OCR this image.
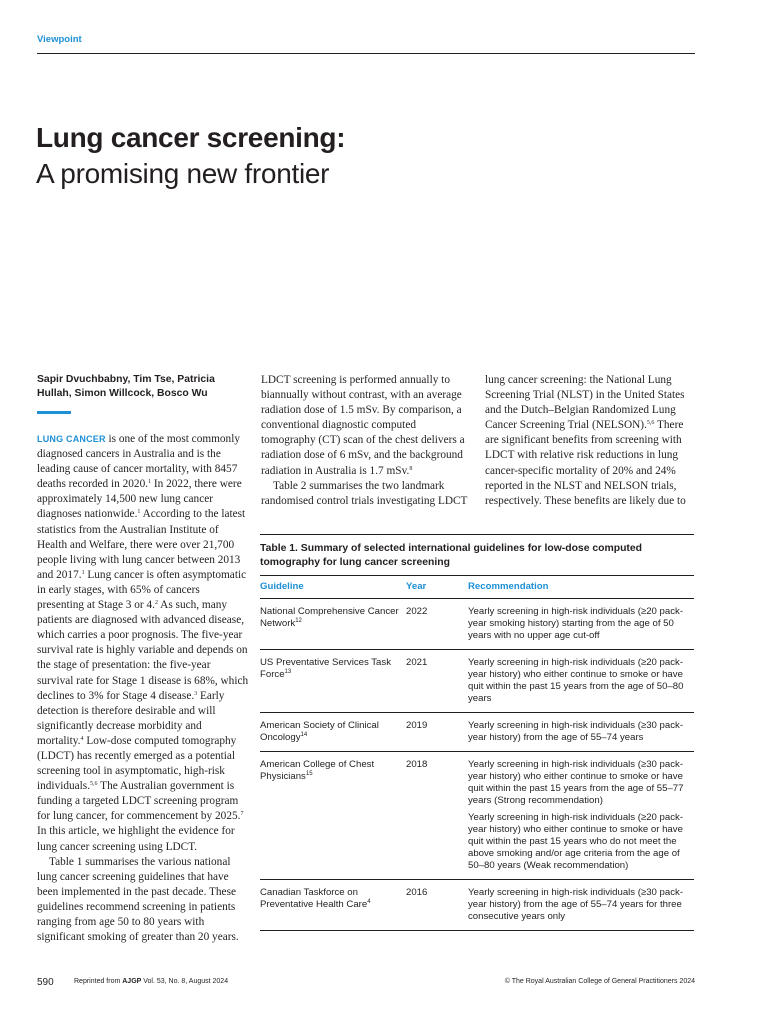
Viewpoint
Lung cancer screening:
A promising new frontier
Sapir Dvuchbabny, Tim Tse, Patricia Hullah, Simon Willcock, Bosco Wu

LUNG CANCER is one of the most commonly diagnosed cancers in Australia and is the leading cause of cancer mortality, with 8457 deaths recorded in 2020.$^1$ In 2022, there were approximately 14,500 new lung cancer diagnoses nationwide.$^1$ According to the latest statistics from the Australian Institute of Health and Welfare, there were over 21,700 people living with lung cancer between 2013 and 2017.$^1$ Lung cancer is often asymptomatic in early stages, with 65% of cancers presenting at Stage 3 or 4.$^2$ As such, many patients are diagnosed with advanced disease, which carries a poor prognosis. The five-year survival rate is highly variable and depends on the stage of presentation: the five-year survival rate for Stage 1 disease is 68%, which declines to 3% for Stage 4 disease.$^3$ Early detection is therefore desirable and will significantly decrease morbidity and mortality.$^4$ Low-dose computed tomography (LDCT) has recently emerged as a potential screening tool in asymptomatic, high-risk individuals.$^{5,6}$ The Australian government is funding a targeted LDCT screening program for lung cancer, for commencement by 2025.$^7$ In this article, we highlight the evidence for lung cancer screening using LDCT.

Table 1 summarises the various national lung cancer screening guidelines that have been implemented in the past decade. These guidelines recommend screening in patients ranging from age 50 to 80 years with significant smoking of greater than 20 years.

LDCT screening is performed annually to biannually without contrast, with an average radiation dose of 1.5 mSv. By comparison, a conventional diagnostic computed tomography (CT) scan of the chest delivers a radiation dose of 6 mSv, and the background radiation in Australia is 1.7 mSv.$^8$

Table 2 summarises the two landmark randomised control trials investigating LDCT

lung cancer screening: the National Lung Screening Trial (NLST) in the United States and the Dutch–Belgian Randomized Lung Cancer Screening Trial (NELSON).$^{5,6}$ There are significant benefits from screening with LDCT with relative risk reductions in lung cancer-specific mortality of 20% and 24% reported in the NLST and NELSON trials, respectively. These benefits are likely due to

Table 1. Summary of selected international guidelines for low-dose computed tomography for lung cancer screening
Guideline	Year	Recommendation
National Comprehensive Cancer Network$^{12}$	2022	Yearly screening in high-risk individuals (≥20 pack-year smoking history) starting from the age of 50 years with no upper age cut-off

US Preventative Services Task Force$^{13}$	2021	Yearly screening in high-risk individuals (≥20 pack-year history) who either continue to smoke or have quit within the past 15 years from the age of 50–80 years

American Society of Clinical Oncology$^{14}$	2019	Yearly screening in high-risk individuals (≥30 pack-year history) from the age of 55–74 years

American College of Chest Physicians$^{15}$	2018	Yearly screening in high-risk individuals (≥30 pack-year history) who either continue to smoke or have quit within the past 15 years from the age of 55–77 years (Strong recommendation)
Yearly screening in high-risk individuals (≥20 pack-year history) who either continue to smoke or have quit within the past 15 years who do not meet the above smoking and/or age criteria from the age of 50–80 years (Weak recommendation)

Canadian Taskforce on Preventative Health Care$^4$	2016	Yearly screening in high-risk individuals (≥30 pack-year history) from the age of 55–74 years for three consecutive years only
590	Reprinted from AJGP Vol. 53, No. 8, August 2024	© The Royal Australian College of General Practitioners 2024
